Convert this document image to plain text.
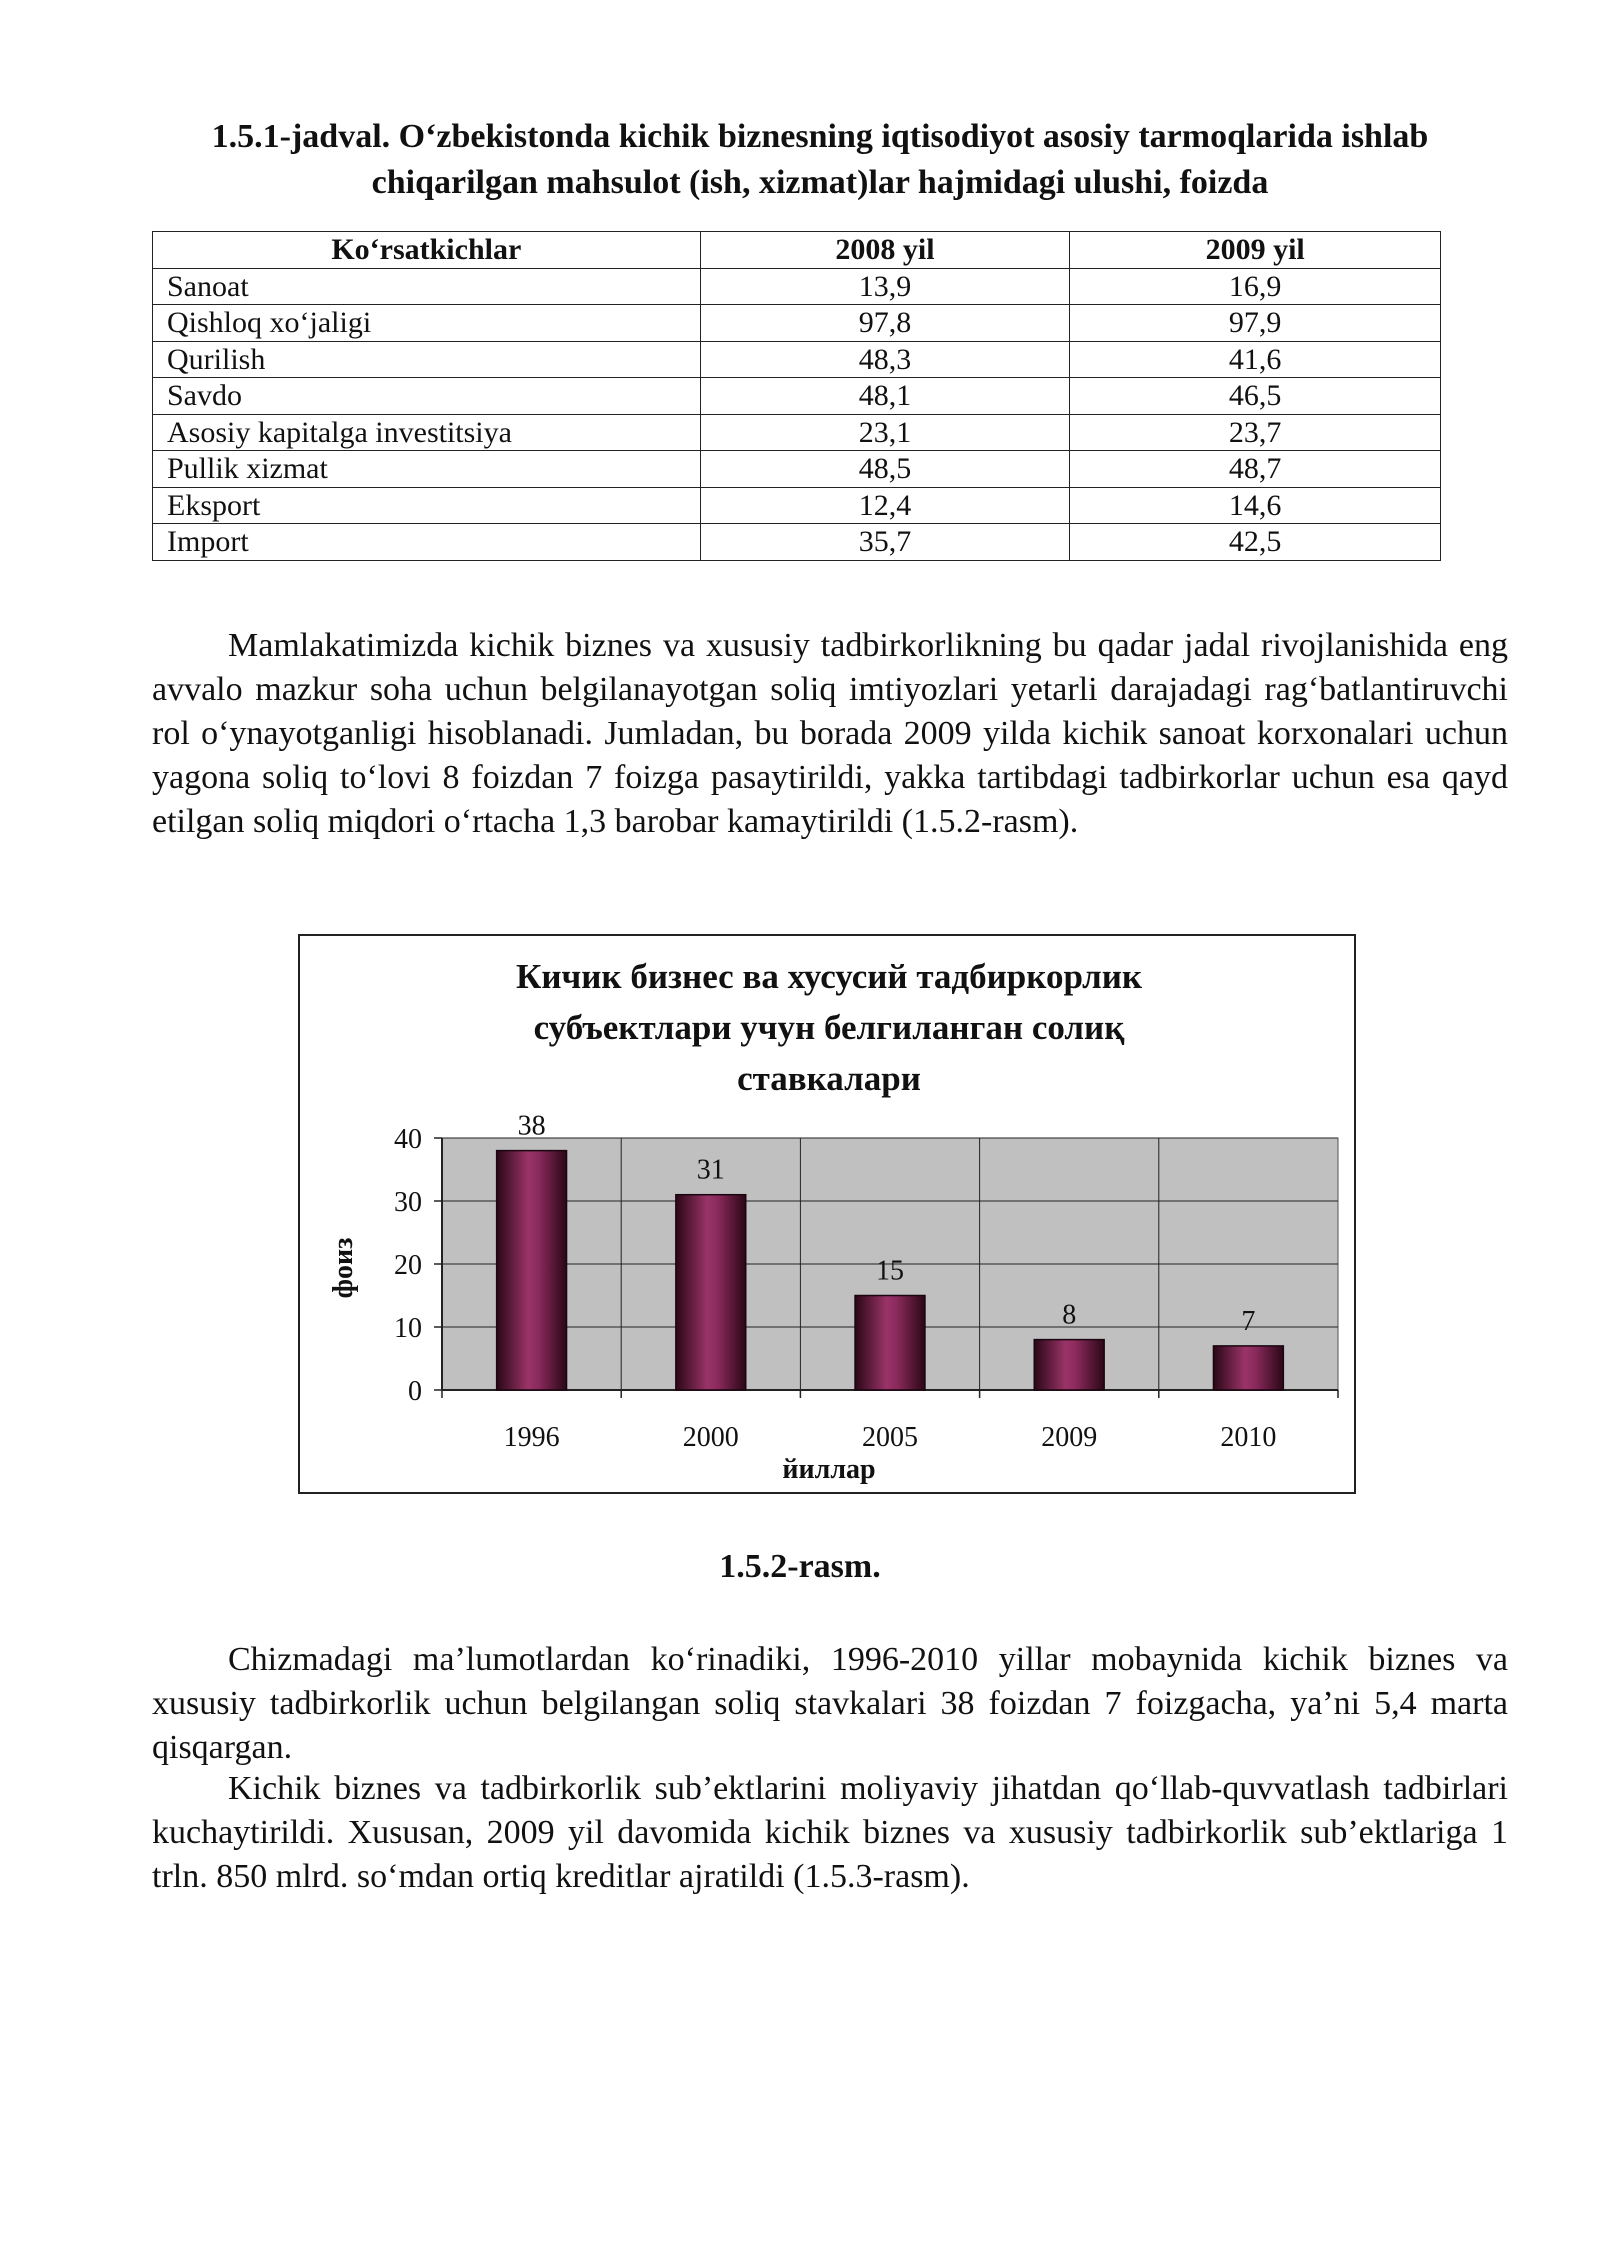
1.5.1-jadval. O‘zbekistonda kichik biznesning iqtisodiyot asosiy tarmoqlarida ishlab chiqarilgan mahsulot (ish, xizmat)lar hajmidagi ulushi, foizda
Ko‘rsatkichlar	2008 yil	2009 yil
Sanoat	13,9	16,9
Qishloq xo‘jaligi	97,8	97,9
Qurilish	48,3	41,6
Savdo	48,1	46,5
Asosiy kapitalga investitsiya	23,1	23,7
Pullik xizmat	48,5	48,7
Eksport	12,4	14,6
Import	35,7	42,5

Mamlakatimizda kichik biznes va xususiy tadbirkorlikning bu qadar jadal rivojlanishida eng avvalo mazkur soha uchun belgilanayotgan soliq imtiyozlari yetarli darajadagi rag‘batlantiruvchi rol o‘ynayotganligi hisoblanadi. Jumladan, bu borada 2009 yilda kichik sanoat korxonalari uchun yagona soliq to‘lovi 8 foizdan 7 foizga pasaytirildi, yakka tartibdagi tadbirkorlar uchun esa qayd etilgan soliq miqdori o‘rtacha 1,3 barobar kamaytirildi (1.5.2-rasm).

Кичик бизнес ва хусусий тадбиркорлик
субъектлари учун белгиланган солиқ
ставкалари
0
10
20
30
40	38
1996
31
2000
15
2005
8
2009
7
2010
йиллар
фоиз
1.5.2-rasm.

Chizmadagi ma’lumotlardan ko‘rinadiki, 1996-2010 yillar mobaynida kichik biznes va xususiy tadbirkorlik uchun belgilangan soliq stavkalari 38 foizdan 7 foizgacha, ya’ni 5,4 marta qisqargan.

Kichik biznes va tadbirkorlik sub’ektlarini moliyaviy jihatdan qo‘llab-quvvatlash tadbirlari kuchaytirildi. Xususan, 2009 yil davomida kichik biznes va xususiy tadbirkorlik sub’ektlariga 1 trln. 850 mlrd. so‘mdan ortiq kreditlar ajratildi (1.5.3-rasm).
